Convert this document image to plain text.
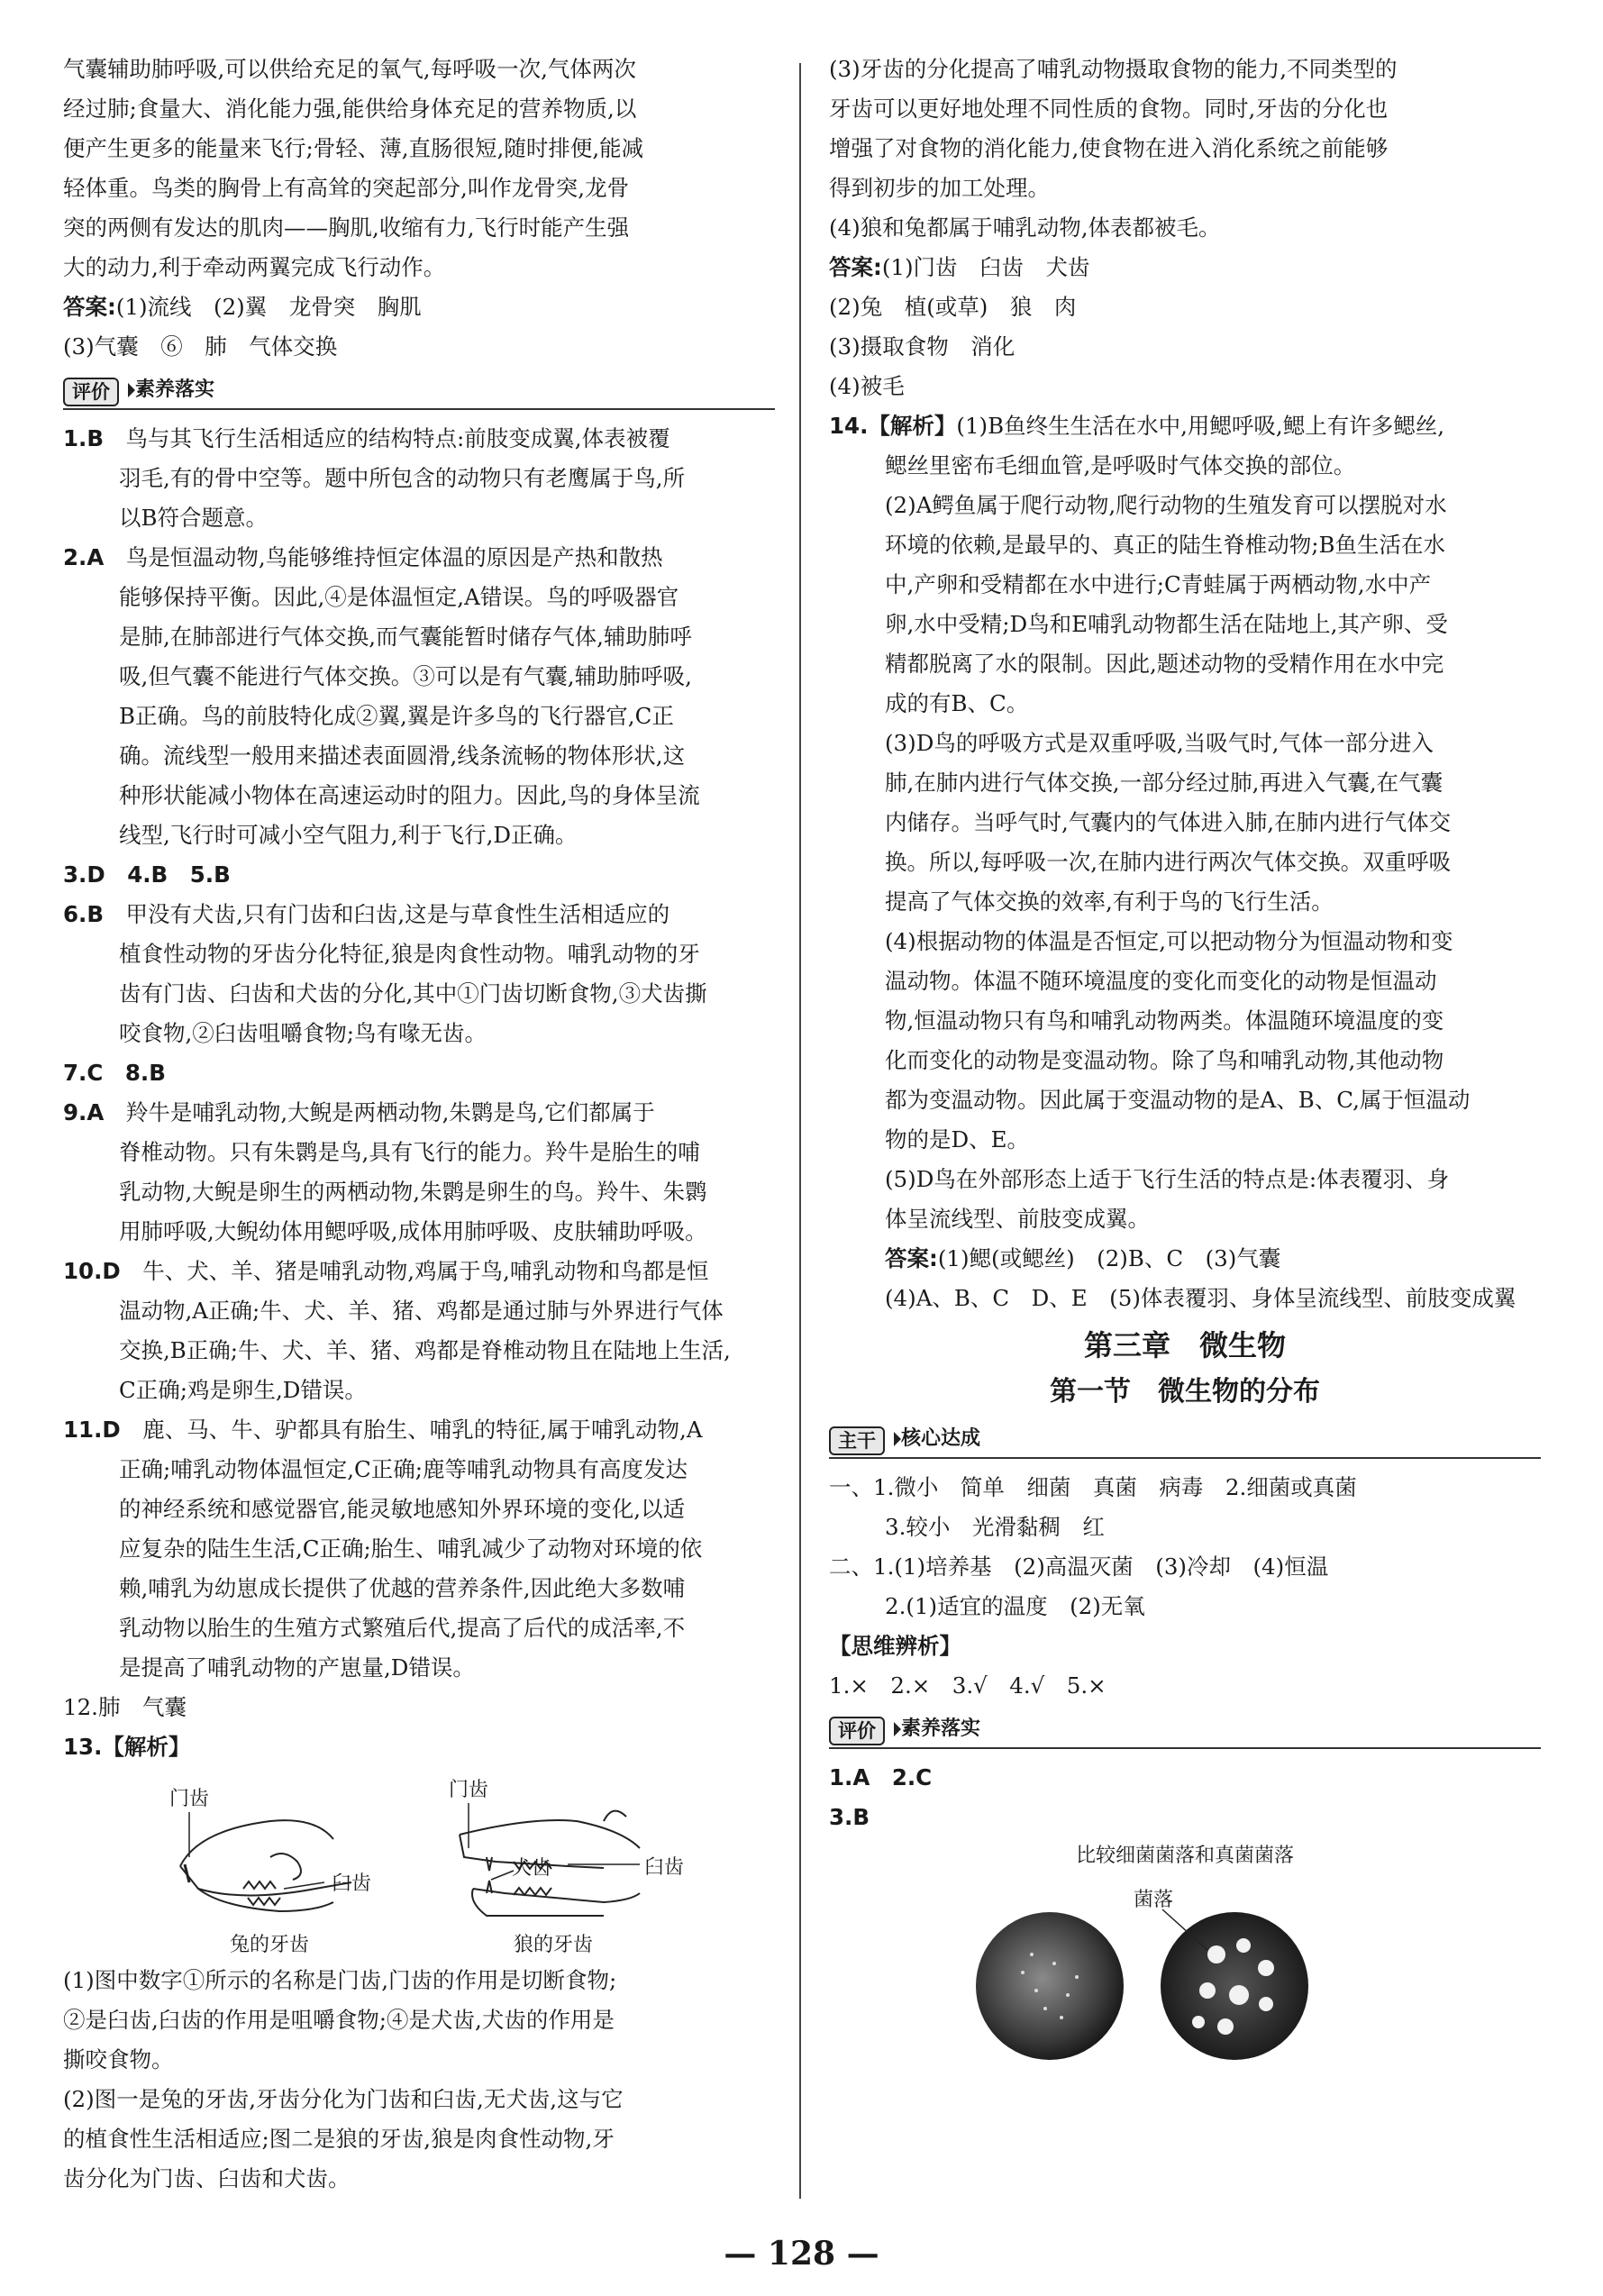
气囊辅助肺呼吸,可以供给充足的氧气,每呼吸一次,气体两次

经过肺;食量大、消化能力强,能供给身体充足的营养物质,以

便产生更多的能量来飞行;骨轻、薄,直肠很短,随时排便,能减

轻体重。鸟类的胸骨上有高耸的突起部分,叫作龙骨突,龙骨

突的两侧有发达的肌肉——胸肌,收缩有力,飞行时能产生强

大的动力,利于牵动两翼完成飞行动作。

答案:(1)流线　(2)翼　龙骨突　胸肌

(3)气囊　⑥　肺　气体交换

评价	素养落实

1.B　 鸟与其飞行生活相适应的结构特点:前肢变成翼,体表被覆

羽毛,有的骨中空等。题中所包含的动物只有老鹰属于鸟,所

以B符合题意。

2.A　 鸟是恒温动物,鸟能够维持恒定体温的原因是产热和散热

能够保持平衡。因此,④是体温恒定,A错误。鸟的呼吸器官

是肺,在肺部进行气体交换,而气囊能暂时储存气体,辅助肺呼

吸,但气囊不能进行气体交换。③可以是有气囊,辅助肺呼吸,

B正确。鸟的前肢特化成②翼,翼是许多鸟的飞行器官,C正

确。流线型一般用来描述表面圆滑,线条流畅的物体形状,这

种形状能减小物体在高速运动时的阻力。因此,鸟的身体呈流

线型,飞行时可减小空气阻力,利于飞行,D正确。

3.D　4.B　5.B

6.B　 甲没有犬齿,只有门齿和臼齿,这是与草食性生活相适应的

植食性动物的牙齿分化特征,狼是肉食性动物。哺乳动物的牙

齿有门齿、臼齿和犬齿的分化,其中①门齿切断食物,③犬齿撕

咬食物,②臼齿咀嚼食物;鸟有喙无齿。

7.C　8.B

9.A　 羚牛是哺乳动物,大鲵是两栖动物,朱鹮是鸟,它们都属于

脊椎动物。只有朱鹮是鸟,具有飞行的能力。羚牛是胎生的哺

乳动物,大鲵是卵生的两栖动物,朱鹮是卵生的鸟。羚牛、朱鹮

用肺呼吸,大鲵幼体用鳃呼吸,成体用肺呼吸、皮肤辅助呼吸。

10.D　 牛、犬、羊、猪是哺乳动物,鸡属于鸟,哺乳动物和鸟都是恒

温动物,A正确;牛、犬、羊、猪、鸡都是通过肺与外界进行气体

交换,B正确;牛、犬、羊、猪、鸡都是脊椎动物且在陆地上生活,

C正确;鸡是卵生,D错误。

11.D　 鹿、马、牛、驴都具有胎生、哺乳的特征,属于哺乳动物,A

正确;哺乳动物体温恒定,C正确;鹿等哺乳动物具有高度发达

的神经系统和感觉器官,能灵敏地感知外界环境的变化,以适

应复杂的陆生生活,C正确;胎生、哺乳减少了动物对环境的依

赖,哺乳为幼崽成长提供了优越的营养条件,因此绝大多数哺

乳动物以胎生的生殖方式繁殖后代,提高了后代的成活率,不

是提高了哺乳动物的产崽量,D错误。

12.肺　气囊

13.【解析】

门齿
臼齿
兔的牙齿
门齿
犬齿	臼齿
狼的牙齿

(1)图中数字①所示的名称是门齿,门齿的作用是切断食物;

②是臼齿,臼齿的作用是咀嚼食物;④是犬齿,犬齿的作用是

撕咬食物。

(2)图一是兔的牙齿,牙齿分化为门齿和臼齿,无犬齿,这与它

的植食性生活相适应;图二是狼的牙齿,狼是肉食性动物,牙

齿分化为门齿、臼齿和犬齿。

(3)牙齿的分化提高了哺乳动物摄取食物的能力,不同类型的

牙齿可以更好地处理不同性质的食物。同时,牙齿的分化也

增强了对食物的消化能力,使食物在进入消化系统之前能够

得到初步的加工处理。

(4)狼和兔都属于哺乳动物,体表都被毛。

答案:(1)门齿　臼齿　犬齿

(2)兔　植(或草)　狼　肉

(3)摄取食物　消化

(4)被毛

14.【解析】(1)B鱼终生生活在水中,用鳃呼吸,鳃上有许多鳃丝,

鳃丝里密布毛细血管,是呼吸时气体交换的部位。

(2)A鳄鱼属于爬行动物,爬行动物的生殖发育可以摆脱对水

环境的依赖,是最早的、真正的陆生脊椎动物;B鱼生活在水

中,产卵和受精都在水中进行;C青蛙属于两栖动物,水中产

卵,水中受精;D鸟和E哺乳动物都生活在陆地上,其产卵、受

精都脱离了水的限制。因此,题述动物的受精作用在水中完

成的有B、C。

(3)D鸟的呼吸方式是双重呼吸,当吸气时,气体一部分进入

肺,在肺内进行气体交换,一部分经过肺,再进入气囊,在气囊

内储存。当呼气时,气囊内的气体进入肺,在肺内进行气体交

换。所以,每呼吸一次,在肺内进行两次气体交换。双重呼吸

提高了气体交换的效率,有利于鸟的飞行生活。

(4)根据动物的体温是否恒定,可以把动物分为恒温动物和变

温动物。体温不随环境温度的变化而变化的动物是恒温动

物,恒温动物只有鸟和哺乳动物两类。体温随环境温度的变

化而变化的动物是变温动物。除了鸟和哺乳动物,其他动物

都为变温动物。因此属于变温动物的是A、B、C,属于恒温动

物的是D、E。

(5)D鸟在外部形态上适于飞行生活的特点是:体表覆羽、身

体呈流线型、前肢变成翼。

答案:(1)鳃(或鳃丝)　(2)B、C　(3)气囊

(4)A、B、C　D、E　(5)体表覆羽、身体呈流线型、前肢变成翼

第三章　微生物
第一节　微生物的分布
主干	核心达成

一、1.微小　简单　细菌　真菌　病毒　2.细菌或真菌

3.较小　光滑黏稠　红

二、1.(1)培养基　(2)高温灭菌　(3)冷却　(4)恒温

2.(1)适宜的温度　(2)无氧

【思维辨析】

1.×　2.×　3.√　4.√　5.×

评价	素养落实

1.A　2.C

3.B

比较细菌菌落和真菌菌落
菌落
— 128 —
